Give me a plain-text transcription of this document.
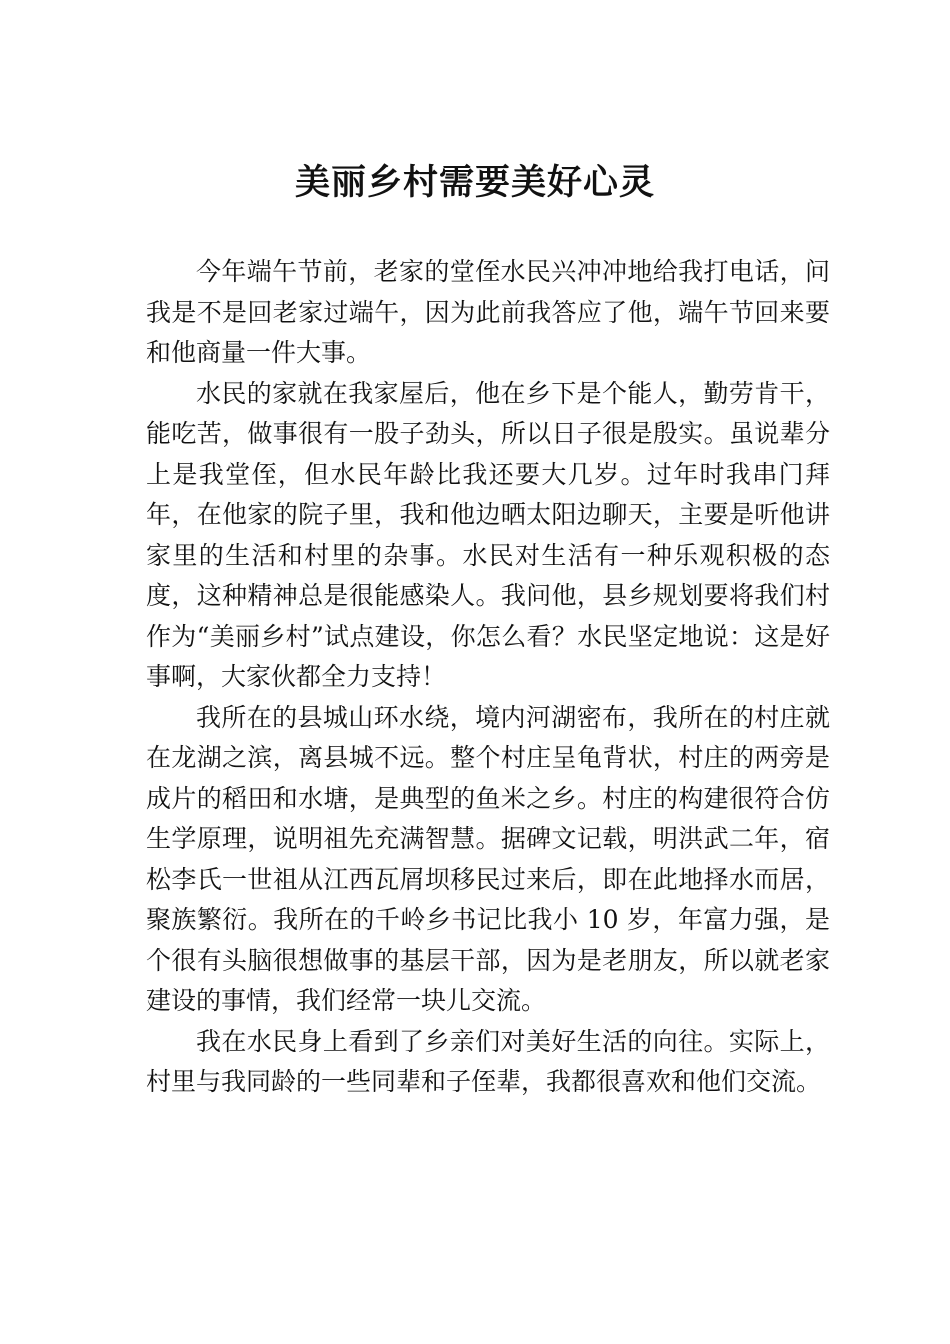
美丽乡村需要美好心灵

今年端午节前，老家的堂侄水民兴冲冲地给我打电话，问我是不是回老家过端午，因为此前我答应了他，端午节回来要和他商量一件大事。

水民的家就在我家屋后，他在乡下是个能人，勤劳肯干，能吃苦，做事很有一股子劲头，所以日子很是殷实。虽说辈分上是我堂侄，但水民年龄比我还要大几岁。过年时我串门拜年，在他家的院子里，我和他边晒太阳边聊天，主要是听他讲家里的生活和村里的杂事。水民对生活有一种乐观积极的态度，这种精神总是很能感染人。我问他，县乡规划要将我们村作为“美丽乡村”试点建设，你怎么看？水民坚定地说：这是好事啊，大家伙都全力支持！

我所在的县城山环水绕，境内河湖密布，我所在的村庄就在龙湖之滨，离县城不远。整个村庄呈龟背状，村庄的两旁是成片的稻田和水塘，是典型的鱼米之乡。村庄的构建很符合仿生学原理，说明祖先充满智慧。据碑文记载，明洪武二年，宿松李氏一世祖从江西瓦屑坝移民过来后，即在此地择水而居，聚族繁衍。我所在的千岭乡书记比我小 10 岁，年富力强，是个很有头脑很想做事的基层干部，因为是老朋友，所以就老家建设的事情，我们经常一块儿交流。

我在水民身上看到了乡亲们对美好生活的向往。实际上，村里与我同龄的一些同辈和子侄辈，我都很喜欢和他们交流。
